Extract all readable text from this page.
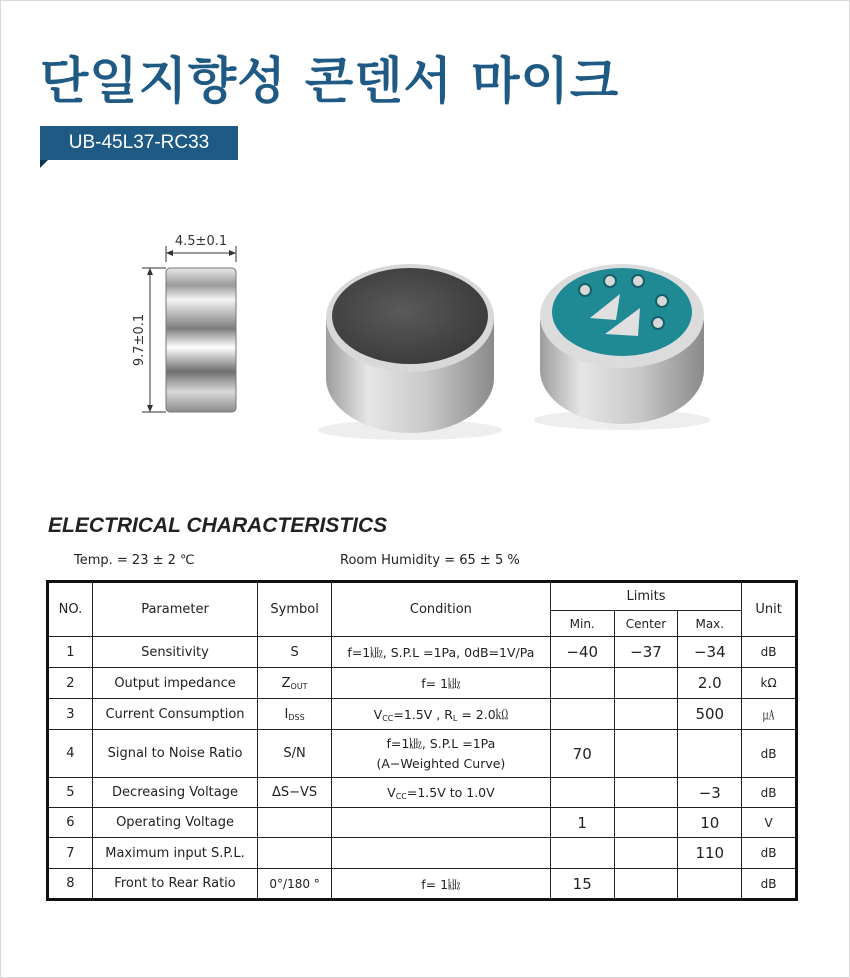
단일지향성 콘덴서 마이크
UB-45L37-RC33
4.5±0.1
9.7±0.1
ELECTRICAL CHARACTERISTICS
Temp. = 23 ± 2 ℃	Room Humidity = 65 ± 5 %
NO.	Parameter	Symbol	Condition	Limits			Unit
				Min.	Center	Max.	
1	Sensitivity	S	f=1㎑, S.P.L =1Pa, 0dB=1V/Pa	−40	−37	−34	dB
2	Output impedance	$Z_{OUT}$	f= 1㎑			2.0	kΩ
3	Current Consumption	$I_{DSS}$	$V_{CC}=1.5V$ , $R_L$ = 2.0㏀			500	㎂
4	Signal to Noise Ratio	S/N	f=1㎑, S.P.L =1Pa
(A−Weighted Curve)	70			dB
5	Decreasing Voltage	ΔS−VS	$V_{CC}=1.5V$ to 1.0V			−3	dB
6	Operating Voltage			1		10	V
7	Maximum input S.P.L.					110	dB
8	Front to Rear Ratio	0°/180 °	f= 1㎑	15			dB
